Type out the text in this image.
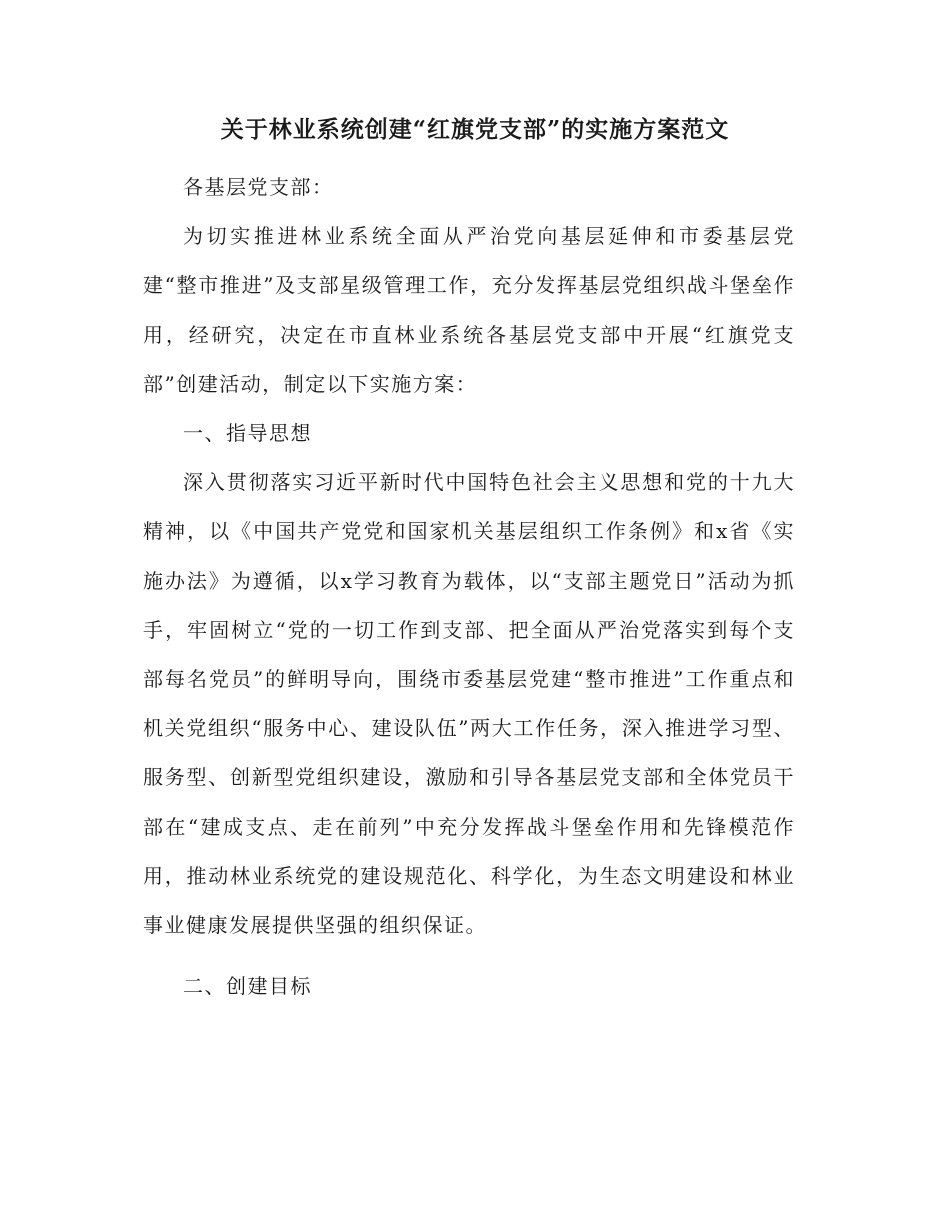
关于林业系统创建“红旗党支部”的实施方案范文

各基层党支部：

为切实推进林业系统全面从严治党向基层延伸和市委基层党建“整市推进”及支部星级管理工作，充分发挥基层党组织战斗堡垒作用，经研究，决定在市直林业系统各基层党支部中开展“红旗党支部”创建活动，制定以下实施方案：

一、指导思想

深入贯彻落实习近平新时代中国特色社会主义思想和党的十九大精神，以《中国共产党党和国家机关基层组织工作条例》和x省《实施办法》为遵循，以x学习教育为载体，以“支部主题党日”活动为抓手，牢固树立“党的一切工作到支部、把全面从严治党落实到每个支部每名党员”的鲜明导向，围绕市委基层党建“整市推进”工作重点和机关党组织“服务中心、建设队伍”两大工作任务，深入推进学习型、服务型、创新型党组织建设，激励和引导各基层党支部和全体党员干部在“建成支点、走在前列”中充分发挥战斗堡垒作用和先锋模范作用，推动林业系统党的建设规范化、科学化，为生态文明建设和林业事业健康发展提供坚强的组织保证。

二、创建目标
